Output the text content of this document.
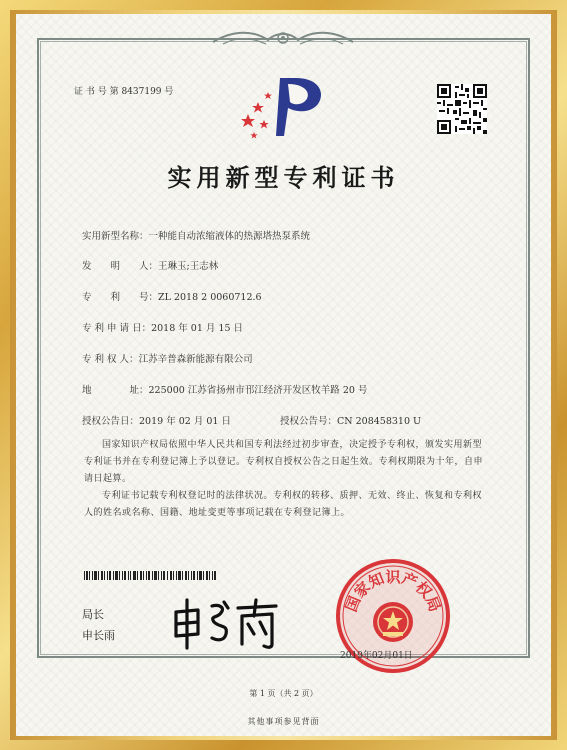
证 书 号 第 8437199 号
实用新型专利证书
实用新型名称：一种能自动浓缩液体的热源塔热泵系统
发　　明　　人：王琳玉;王志林
专　　利　　号：ZL 2018 2 0060712.6
专 利 申 请 日：2018 年 01 月 15 日
专 利 权 人：江苏辛普森新能源有限公司
地　　　　址：225000 江苏省扬州市邗江经济开发区牧羊路 20 号
授权公告日：2019 年 02 月 01 日	授权公告号：CN 208458310 U
国家知识产权局依照中华人民共和国专利法经过初步审查，决定授予专利权，颁发实用新型专利证书并在专利登记簿上予以登记。专利权自授权公告之日起生效。专利权期限为十年，自申请日起算。
专利证书记载专利权登记时的法律状况。专利权的转移、质押、无效、终止、恢复和专利权人的姓名或名称、国籍、地址变更等事项记载在专利登记簿上。
局长
申长雨
国家知识产权局
2019年02月01日
第 1 页（共 2 页）
其他事项参见背面
